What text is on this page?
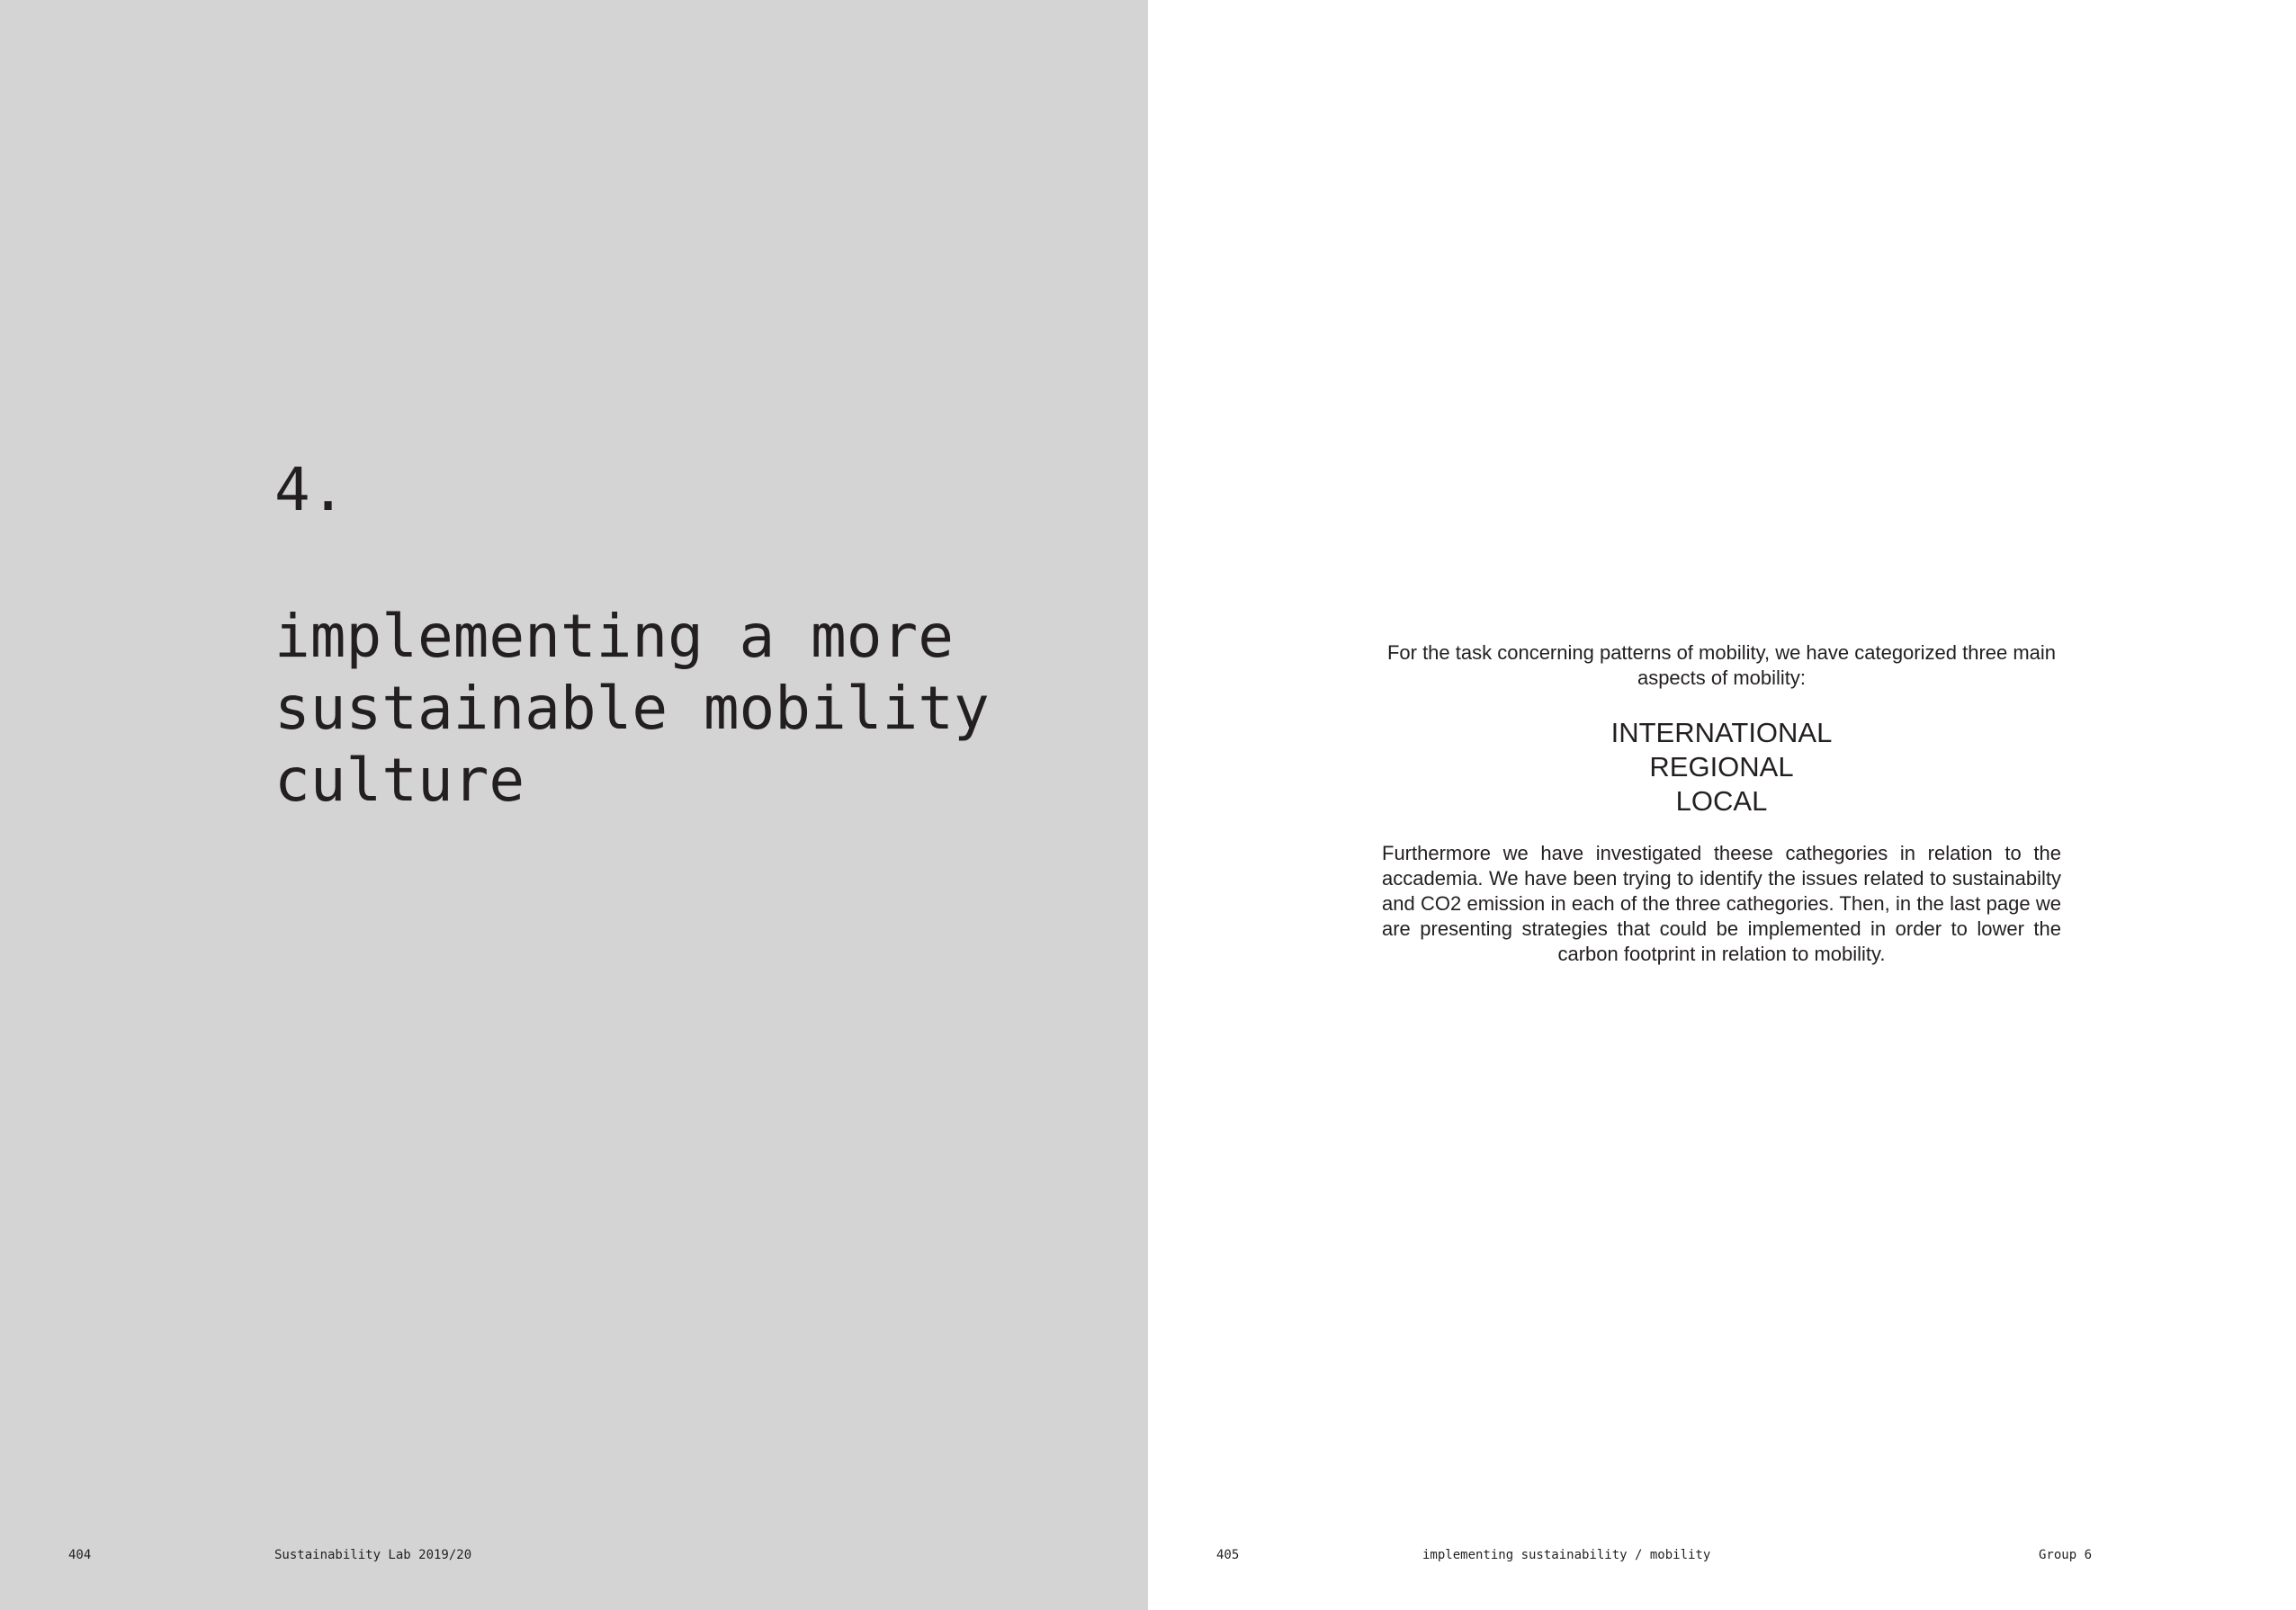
4.
implementing a more
sustainable mobility
culture
404	Sustainability Lab 2019/20

For the task concerning patterns of mobility, we have categorized three main aspects of mobility:

INTERNATIONAL
REGIONAL
LOCAL

Furthermore we have investigated theese cathegories in relation to the accademia. We have been trying to identify the issues related to sustainabilty and CO2 emission in each of the three cathegories. Then, in the last page we are presenting strategies that could be implemented in order to lower the carbon footprint in relation to mobility.

405	implementing sustainability / mobility	Group 6
